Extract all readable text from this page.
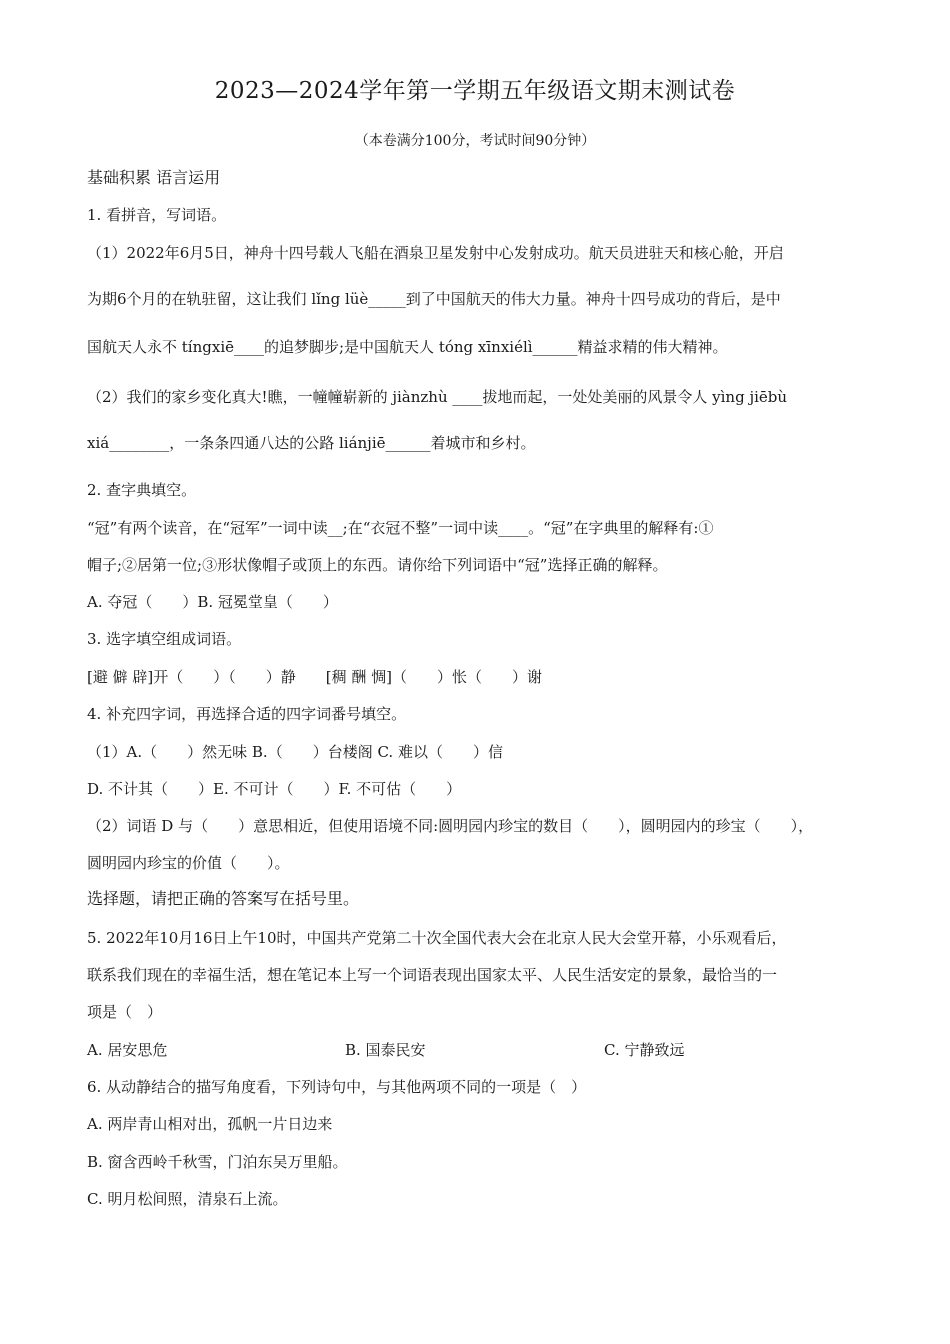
2023—2024学年第一学期五年级语文期末测试卷
（本卷满分100分，考试时间90分钟）
基础积累 语言运用
1. 看拼音，写词语。
（1）2022年6月5日，神舟十四号载人飞船在酒泉卫星发射中心发射成功。航天员进驻天和核心舱，开启
为期6个月的在轨驻留，这让我们 lǐng lüè_____到了中国航天的伟大力量。神舟十四号成功的背后，是中
国航天人永不 tíngxiē____的追梦脚步;是中国航天人 tóng xīnxiélì______精益求精的伟大精神。
（2）我们的家乡变化真大!瞧，一幢幢崭新的 jiànzhù ____拔地而起，一处处美丽的风景令人 yìng jiēbù
xiá________，一条条四通八达的公路 liánjiē______着城市和乡村。
2. 查字典填空。
“冠”有两个读音，在“冠军”一词中读__;在“衣冠不整”一词中读____。“冠”在字典里的解释有:①
帽子;②居第一位;③形状像帽子或顶上的东西。请你给下列词语中“冠”选择正确的解释。
A. 夺冠（　　）B. 冠冕堂皇（　　）
3. 选字填空组成词语。
[避 僻 辟]开（　　）（　　）静　　[稠 酬 惆]（　　）怅（　　）谢
4. 补充四字词，再选择合适的四字词番号填空。
（1）A.（　　）然无味 B.（　　）台楼阁 C. 难以（　　）信
D. 不计其（　　）E. 不可计（　　）F. 不可估（　　）
（2）词语 D 与（　　）意思相近，但使用语境不同:圆明园内珍宝的数目（　　），圆明园内的珍宝（　　），
圆明园内珍宝的价值（　　）。
选择题，请把正确的答案写在括号里。
5. 2022年10月16日上午10时，中国共产党第二十次全国代表大会在北京人民大会堂开幕，小乐观看后，
联系我们现在的幸福生活，想在笔记本上写一个词语表现出国家太平、人民生活安定的景象，最恰当的一
项是（　）
A. 居安思危	B. 国泰民安	C. 宁静致远
6. 从动静结合的描写角度看，下列诗句中，与其他两项不同的一项是（　）
A. 两岸青山相对出，孤帆一片日边来
B. 窗含西岭千秋雪，门泊东吴万里船。
C. 明月松间照，清泉石上流。
